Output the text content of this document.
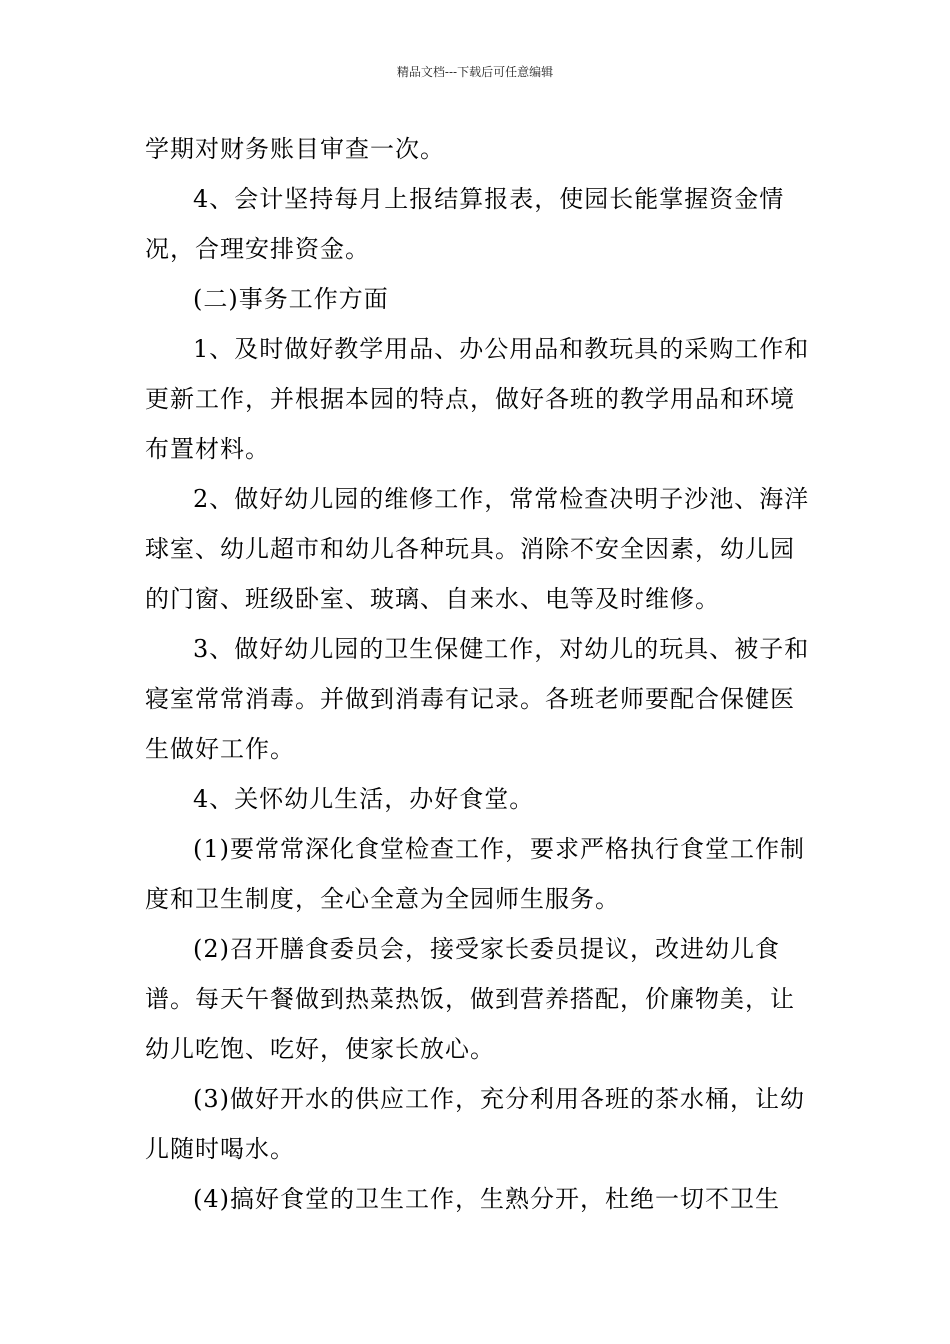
精品文档---下载后可任意编辑

学期对财务账目审查一次。

4、会计坚持每月上报结算报表，使园长能掌握资金情况，合理安排资金。

(二)事务工作方面

1、及时做好教学用品、办公用品和教玩具的采购工作和更新工作，并根据本园的特点，做好各班的教学用品和环境布置材料。

2、做好幼儿园的维修工作，常常检查决明子沙池、海洋球室、幼儿超市和幼儿各种玩具。消除不安全因素，幼儿园的门窗、班级卧室、玻璃、自来水、电等及时维修。

3、做好幼儿园的卫生保健工作，对幼儿的玩具、被子和寝室常常消毒。并做到消毒有记录。各班老师要配合保健医生做好工作。

4、关怀幼儿生活，办好食堂。

(1)要常常深化食堂检查工作，要求严格执行食堂工作制度和卫生制度，全心全意为全园师生服务。

(2)召开膳食委员会，接受家长委员提议，改进幼儿食谱。每天午餐做到热菜热饭，做到营养搭配，价廉物美，让幼儿吃饱、吃好，使家长放心。

(3)做好开水的供应工作，充分利用各班的茶水桶，让幼儿随时喝水。

(4)搞好食堂的卫生工作，生熟分开，杜绝一切不卫生
